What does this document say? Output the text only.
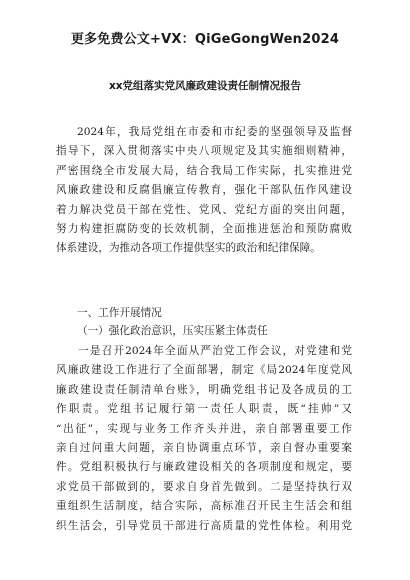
更多免费公文+VX：QiGeGongWen2024
xx党组落实党风廉政建设责任制情况报告
2024年，我局党组在市委和市纪委的坚强领导及监督
指导下，深入贯彻落实中央八项规定及其实施细则精神，
严密围绕全市发展大局，结合我局工作实际，扎实推进党
风廉政建设和反腐倡廉宣传教育，强化干部队伍作风建设
着力解决党员干部在党性、党风、党纪方面的突出问题，
努力构建拒腐防变的长效机制，全面推进惩治和预防腐败
体系建设，为推动各项工作提供坚实的政治和纪律保障。
一、工作开展情况
（一）强化政治意识，压实压紧主体责任
一是召开2024年全面从严治党工作会议，对党建和党
风廉政建设工作进行了全面部署，制定《局2024年度党风
廉政建设责任制清单台账》，明确党组书记及各成员的工
作职责。党组书记履行第一责任人职责，既“挂帅”又
“出征”，实现与业务工作齐头并进，亲自部署重要工作
亲自过问重大问题，亲自协调重点环节，亲自督办重要案
件。党组积极执行与廉政建设相关的各项制度和规定，要
求党员干部做到的，要求自身首先做到。二是坚持执行双
重组织生活制度，结合实际，高标准召开民主生活会和组
织生活会，引导党员干部进行高质量的党性体检。利用党
